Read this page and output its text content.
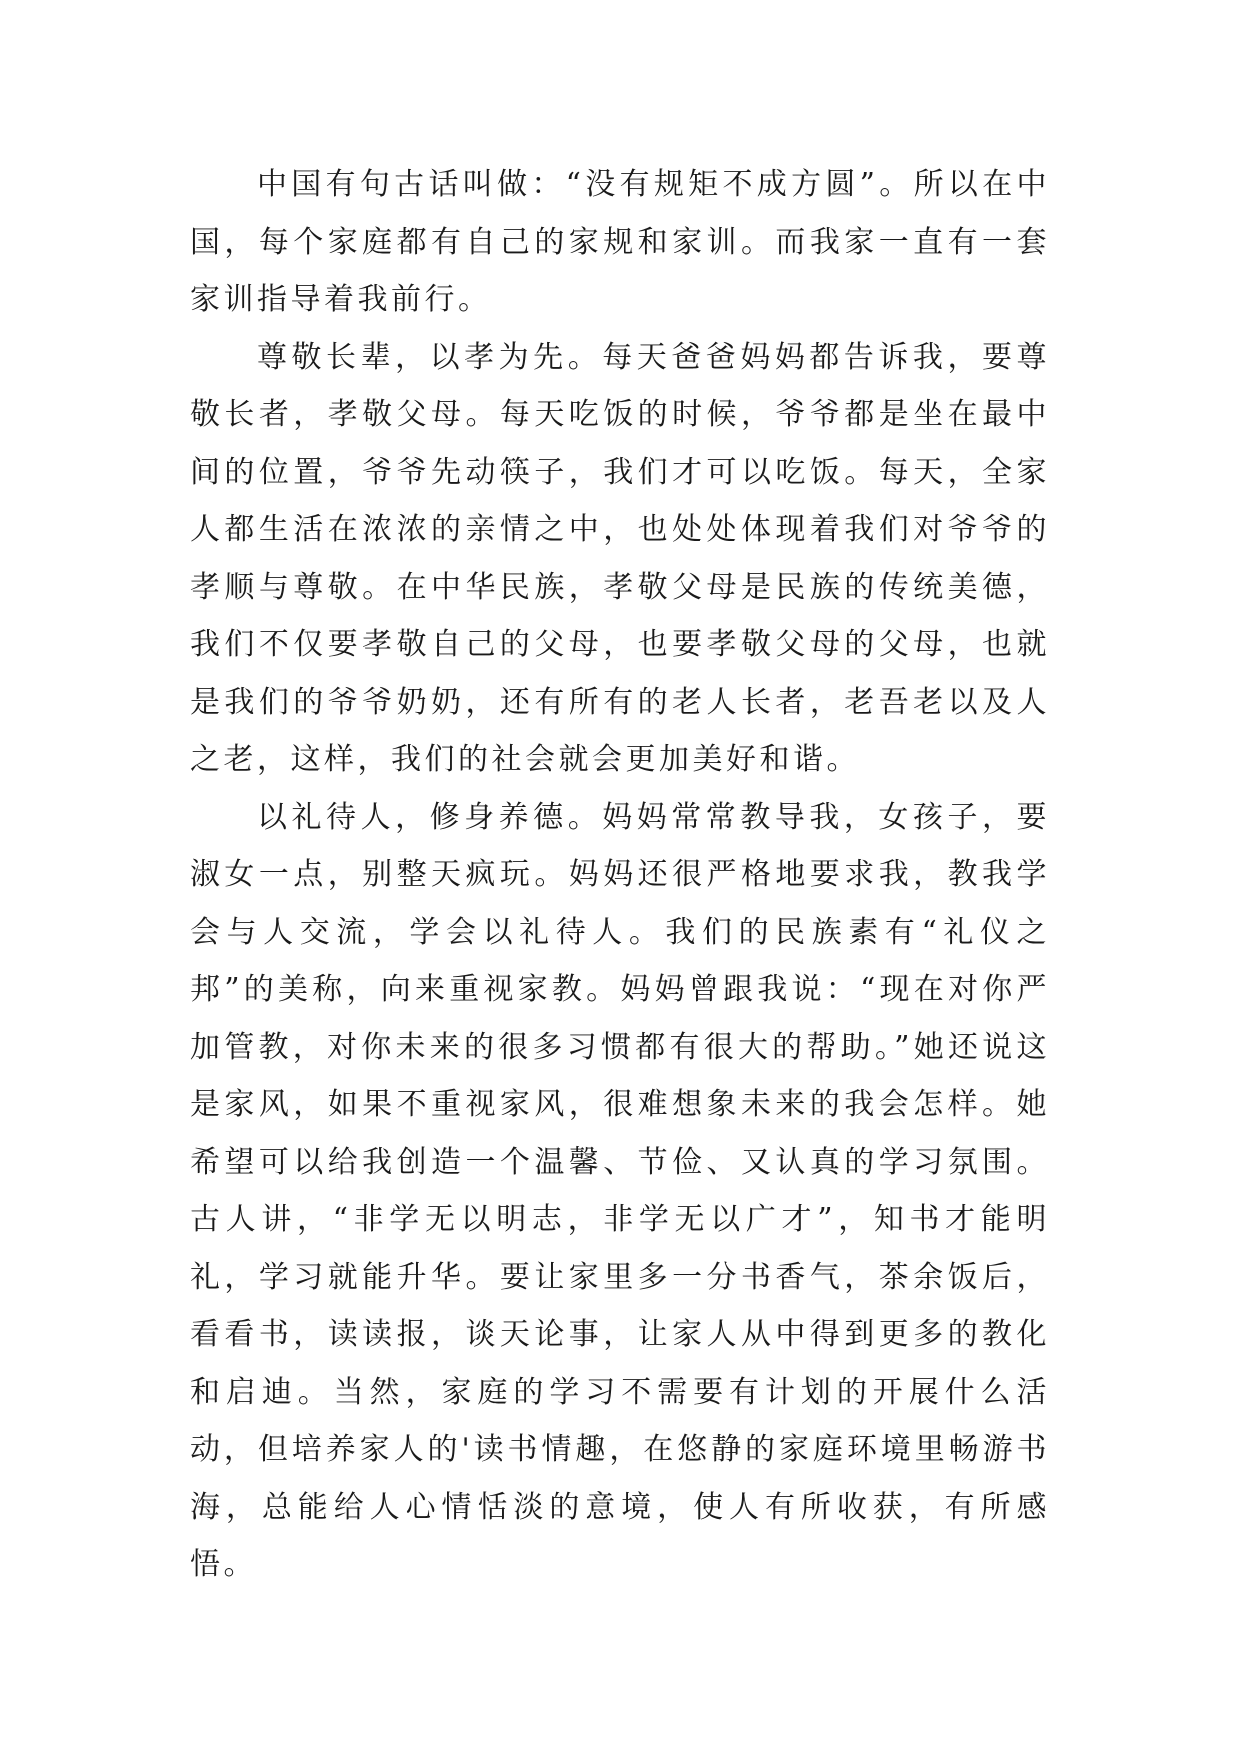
中国有句古话叫做：“没有规矩不成方圆”。所以在中国，每个家庭都有自己的家规和家训。而我家一直有一套家训指导着我前行。

尊敬长辈，以孝为先。每天爸爸妈妈都告诉我，要尊敬长者，孝敬父母。每天吃饭的时候，爷爷都是坐在最中间的位置，爷爷先动筷子，我们才可以吃饭。每天，全家人都生活在浓浓的亲情之中，也处处体现着我们对爷爷的孝顺与尊敬。在中华民族，孝敬父母是民族的传统美德，我们不仅要孝敬自己的父母，也要孝敬父母的父母，也就是我们的爷爷奶奶，还有所有的老人长者，老吾老以及人之老，这样，我们的社会就会更加美好和谐。

以礼待人，修身养德。妈妈常常教导我，女孩子，要淑女一点，别整天疯玩。妈妈还很严格地要求我，教我学会与人交流，学会以礼待人。我们的民族素有“礼仪之邦”的美称，向来重视家教。妈妈曾跟我说：“现在对你严加管教，对你未来的很多习惯都有很大的帮助。”她还说这是家风，如果不重视家风，很难想象未来的我会怎样。她希望可以给我创造一个温馨、节俭、又认真的学习氛围。古人讲，“非学无以明志，非学无以广才”，知书才能明礼，学习就能升华。要让家里多一分书香气，茶余饭后，看看书，读读报，谈天论事，让家人从中得到更多的教化和启迪。当然，家庭的学习不需要有计划的开展什么活动，但培养家人的'读书情趣，在悠静的家庭环境里畅游书海，总能给人心情恬淡的意境，使人有所收获，有所感悟。
